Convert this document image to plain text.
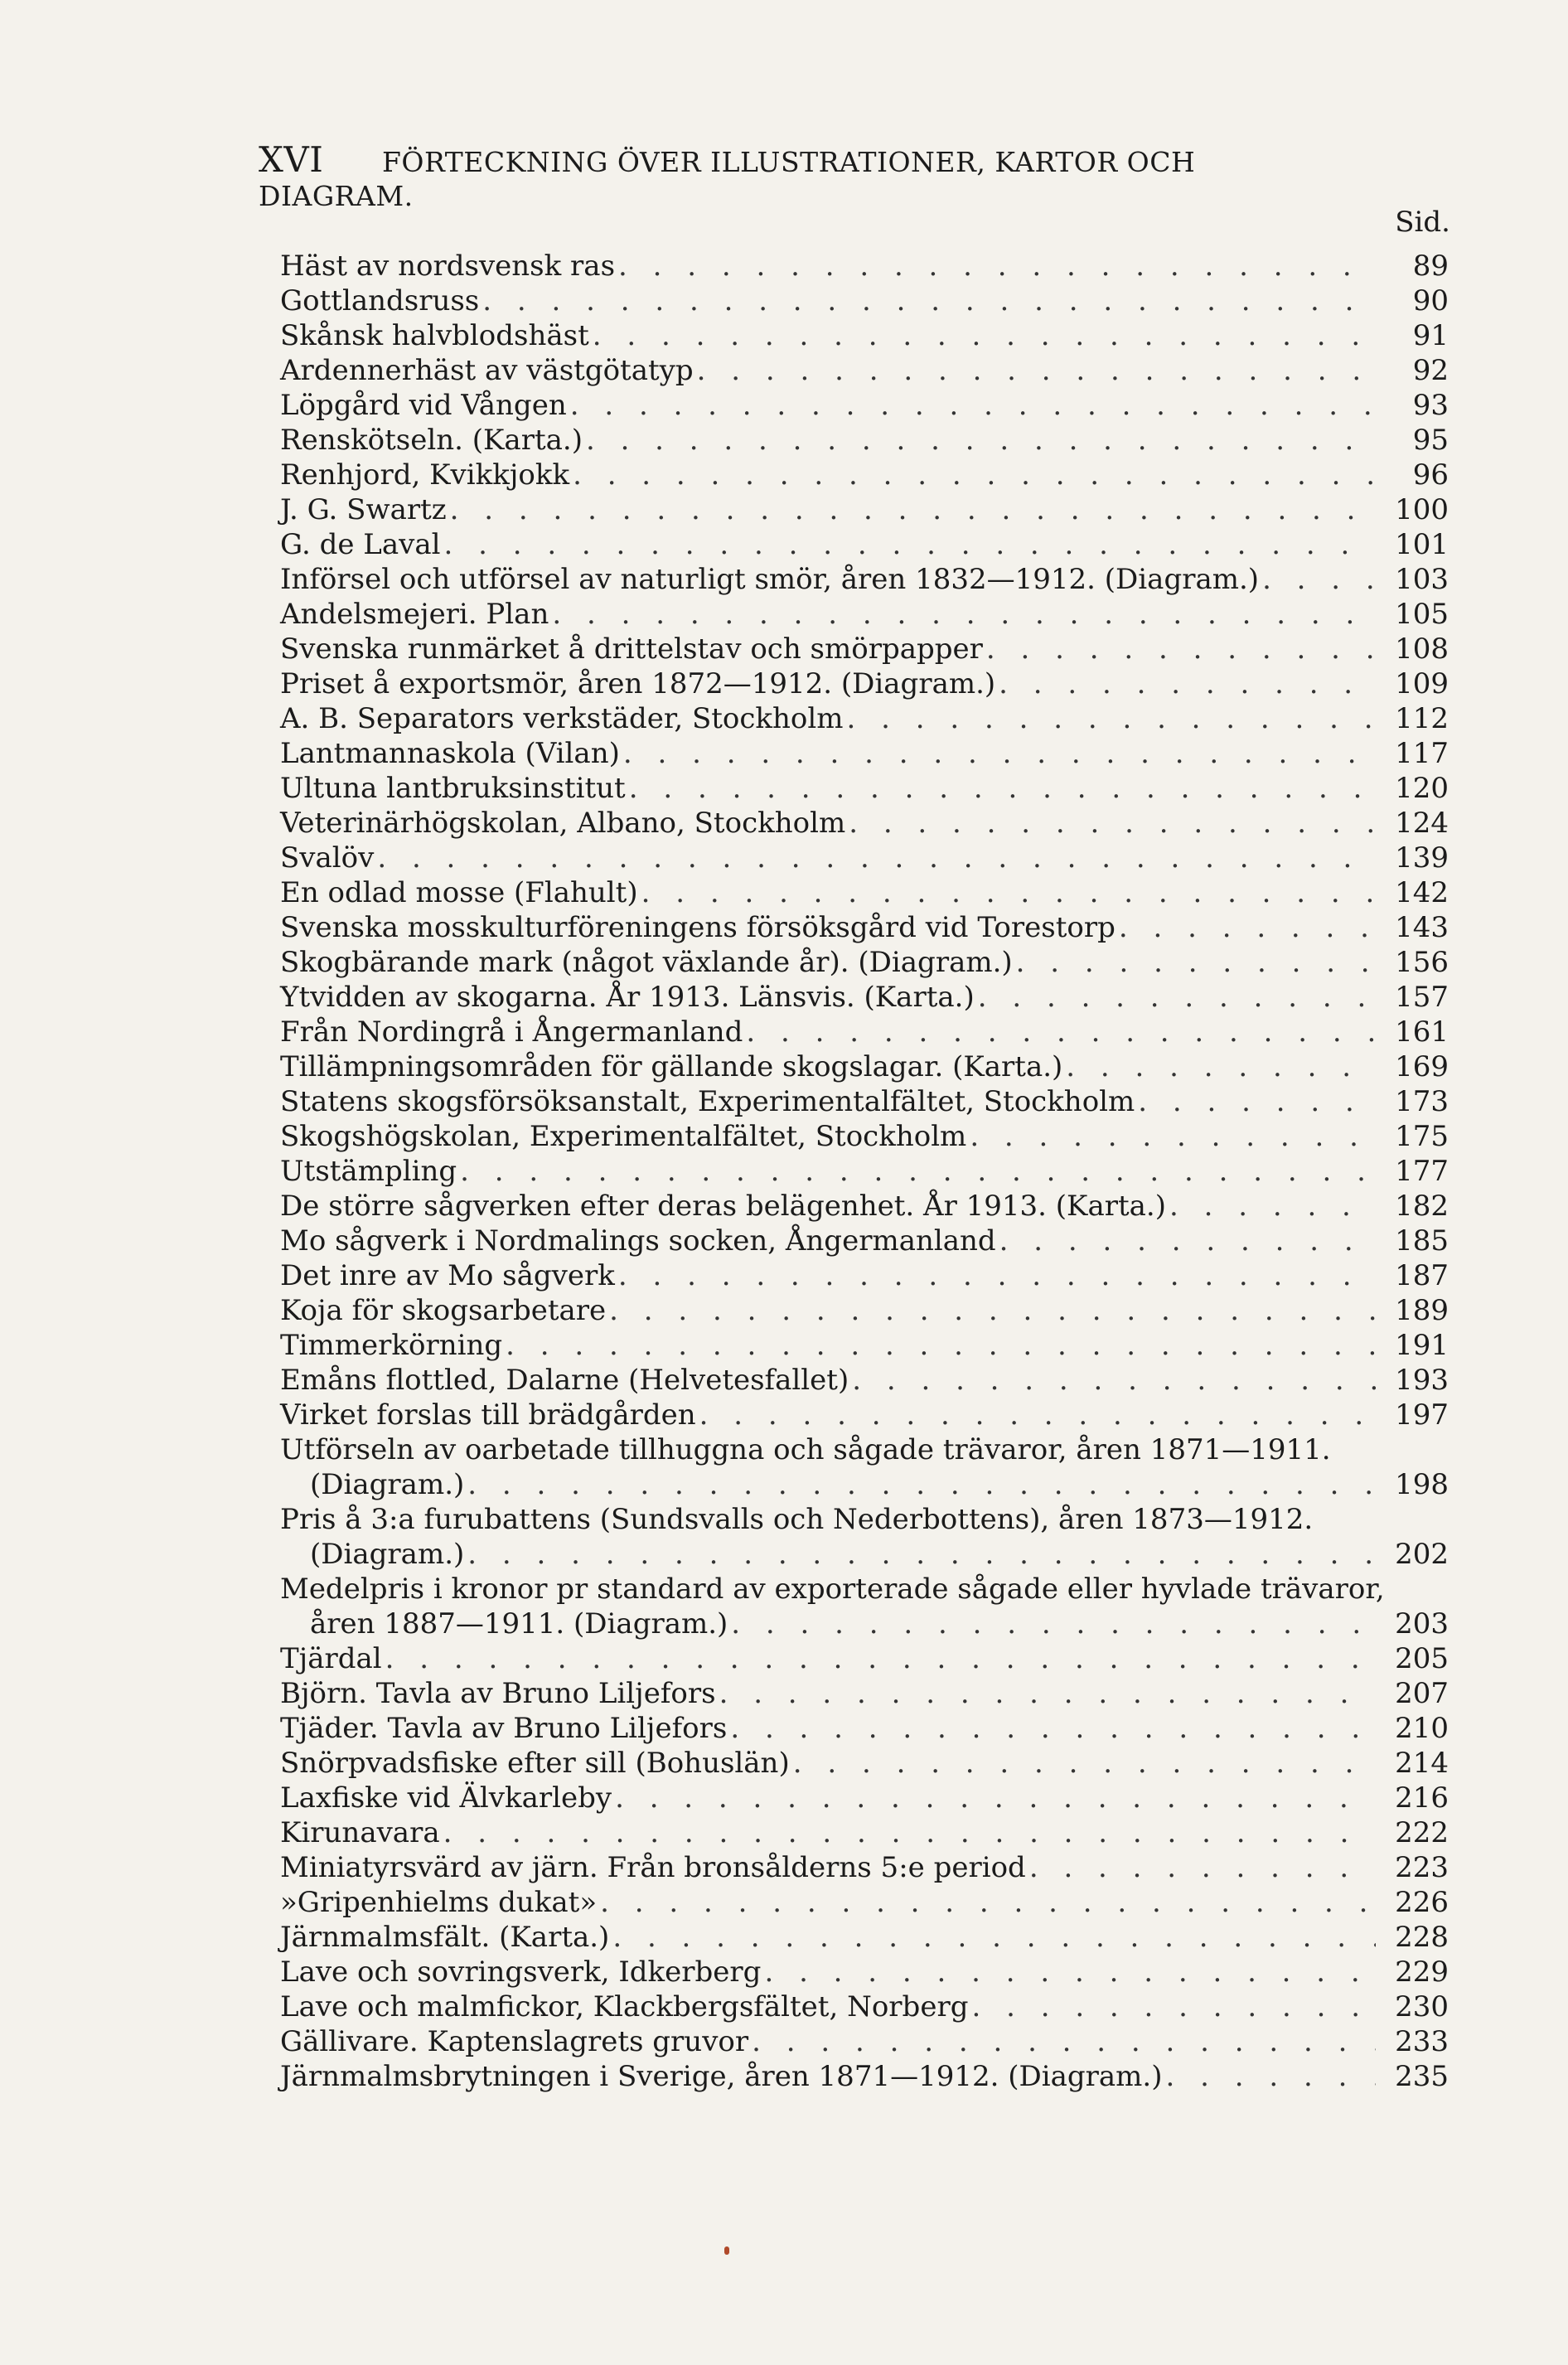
XVI FÖRTECKNING ÖVER ILLUSTRATIONER, KARTOR OCH DIAGRAM.
Sid.
Häst av nordsvensk ras . . .	89
Gottlandsruss . . .	90
Skånsk halvblodshäst . . .	91
Ardennerhäst av västgötatyp . . .	92
Löpgård vid Vången . . .	93
Renskötseln. (Karta.) . . .	95
Renhjord, Kvikkjokk . . .	96
J. G. Swartz . . .	100
G. de Laval . . .	101
Införsel och utförsel av naturligt smör, åren 1832—1912. (Diagram.) . . .	103
Andelsmejeri. Plan . . .	105
Svenska runmärket å drittelstav och smörpapper . . .	108
Priset å exportsmör, åren 1872—1912. (Diagram.) . . .	109
A. B. Separators verkstäder, Stockholm . . .	112
Lantmannaskola (Vilan) . . .	117
Ultuna lantbruksinstitut . . .	120
Veterinärhögskolan, Albano, Stockholm . . .	124
Svalöv . . .	139
En odlad mosse (Flahult) . . .	142
Svenska mosskulturföreningens försöksgård vid Torestorp . . .	143
Skogbärande mark (något växlande år). (Diagram.) . . .	156
Ytvidden av skogarna. År 1913. Länsvis. (Karta.) . . .	157
Från Nordingrå i Ångermanland . . .	161
Tillämpningsområden för gällande skogslagar. (Karta.) . . .	169
Statens skogsförsöksanstalt, Experimentalfältet, Stockholm . . .	173
Skogshögskolan, Experimentalfältet, Stockholm . . .	175
Utstämpling . . .	177
De större sågverken efter deras belägenhet. År 1913. (Karta.) . . .	182
Mo sågverk i Nordmalings socken, Ångermanland . . .	185
Det inre av Mo sågverk . . .	187
Koja för skogsarbetare . . .	189
Timmerkörning . . .	191
Emåns flottled, Dalarne (Helvetesfallet) . . .	193
Virket forslas till brädgården . . .	197
Utförseln av oarbetade tillhuggna och sågade trävaror, åren 1871—1911.
(Diagram.) . . .	198
Pris å 3:a furubattens (Sundsvalls och Nederbottens), åren 1873—1912.
(Diagram.) . . .	202
Medelpris i kronor pr standard av exporterade sågade eller hyvlade trävaror,
åren 1887—1911. (Diagram.) . . .	203
Tjärdal . . .	205
Björn. Tavla av Bruno Liljefors . . .	207
Tjäder. Tavla av Bruno Liljefors . . .	210
Snörpvadsfiske efter sill (Bohuslän) . . .	214
Laxfiske vid Älvkarleby . . .	216
Kirunavara . . .	222
Miniatyrsvärd av järn. Från bronsålderns 5:e period . . .	223
»Gripenhielms dukat» . . .	226
Järnmalmsfält. (Karta.) . . .	228
Lave och sovringsverk, Idkerberg . . .	229
Lave och malmfickor, Klackbergsfältet, Norberg . . .	230
Gällivare. Kaptenslagrets gruvor . . .	233
Järnmalmsbrytningen i Sverige, åren 1871—1912. (Diagram.) . . .	235
